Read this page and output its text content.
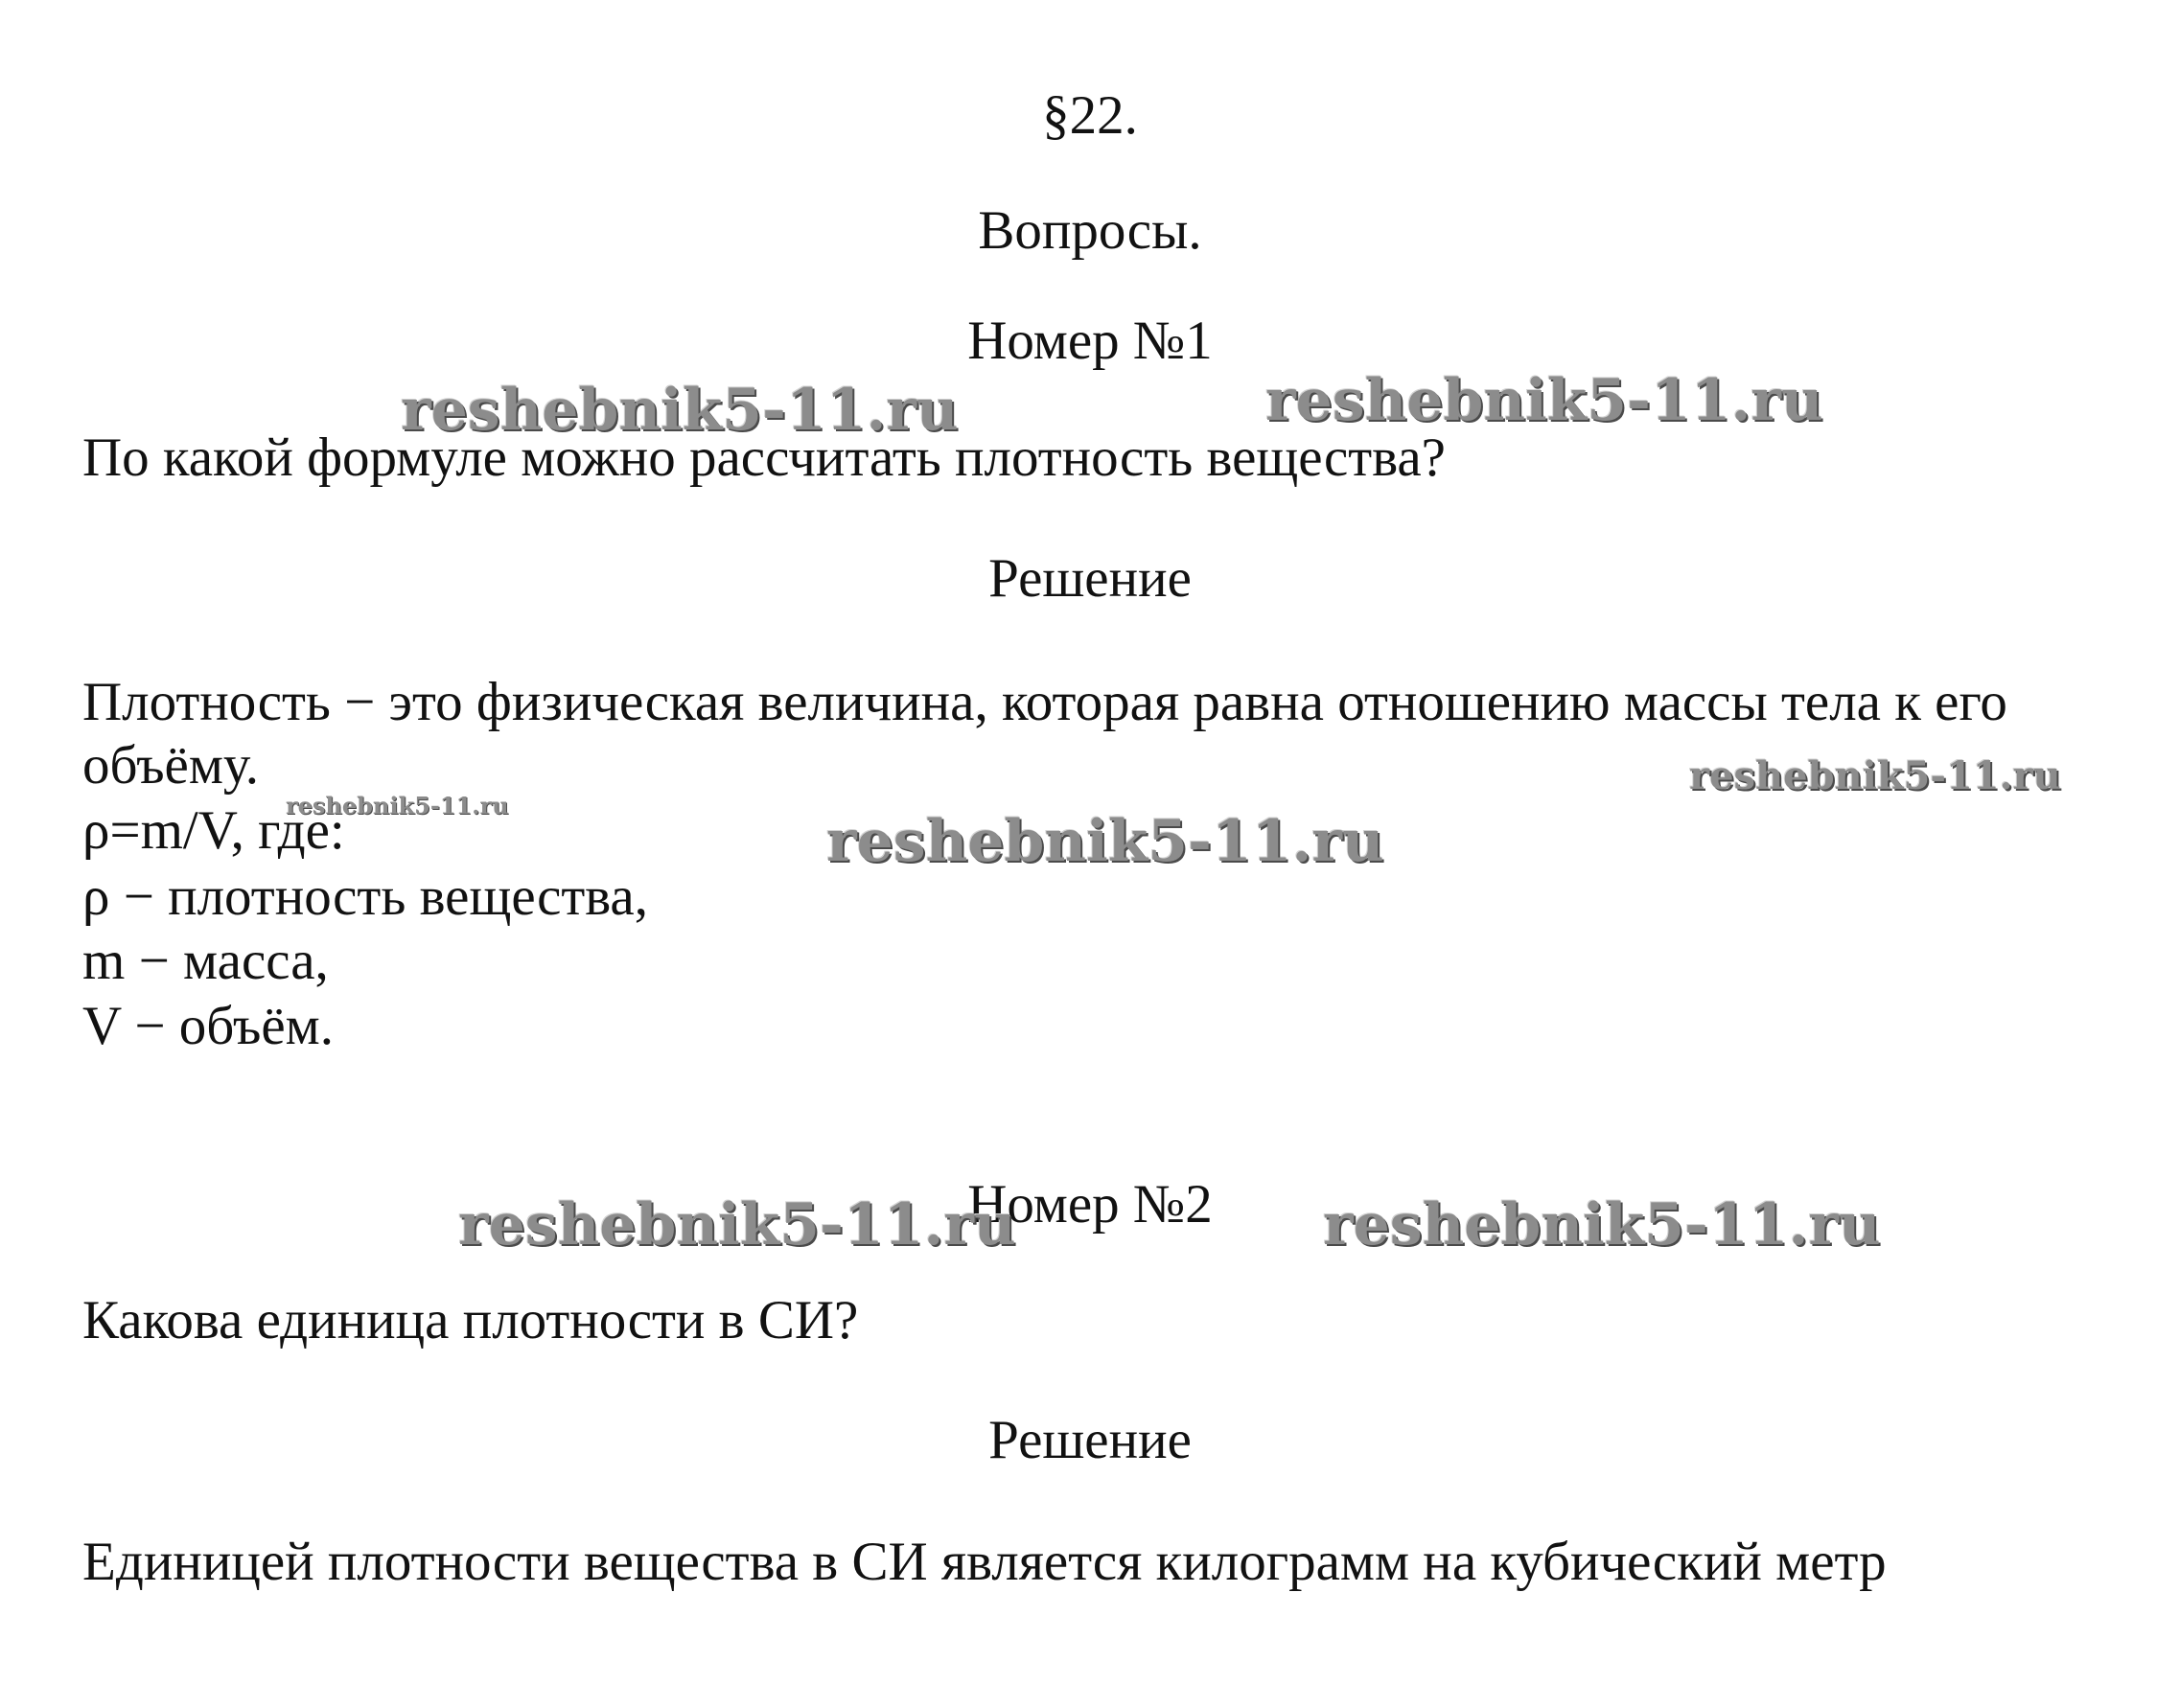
§22.
Вопросы.
Номер №1

По какой формуле можно рассчитать плотность вещества?

Решение

Плотность − это физическая величина, которая равна отношению массы тела к его

объёму.

ρ=m/V, где:

ρ − плотность вещества,

m − масса,

V − объём.

Номер №2

Какова единица плотности в СИ?

Решение

Единицей плотности вещества в СИ является килограмм на кубический метр

reshebnik5-11.ru	reshebnik5-11.ru
reshebnik5-11.ru
reshebnik5-11.ru
reshebnik5-11.ru
reshebnik5-11.ru	reshebnik5-11.ru
